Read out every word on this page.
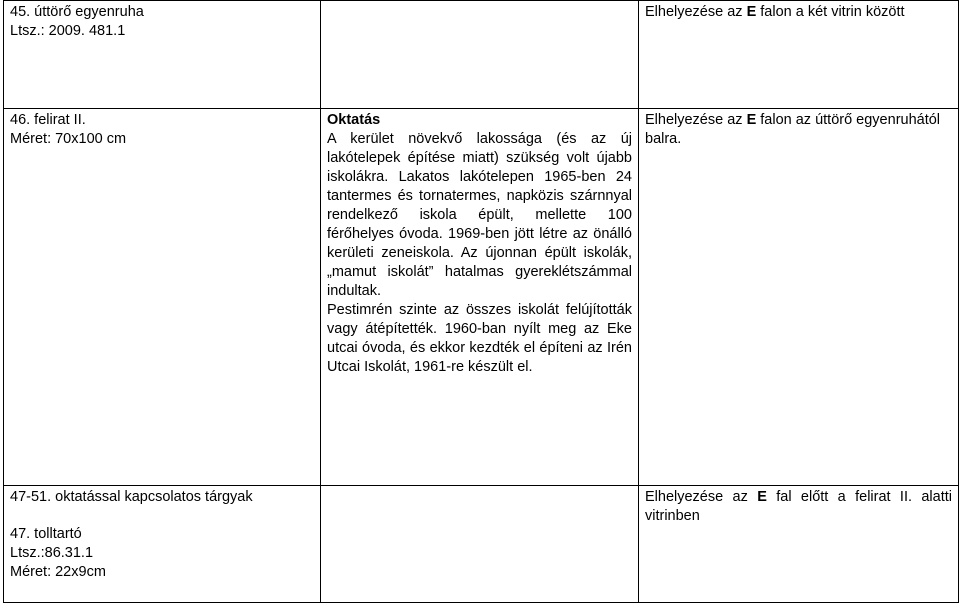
45. úttörő egyenruha
Ltsz.: 2009. 481.1		Elhelyezése az E falon a két vitrin között

46. felirat II.
Méret: 70x100 cm	Oktatás
A kerület növekvő lakossága (és az új lakótelepek építése miatt) szükség volt újabb iskolákra. Lakatos lakótelepen 1965-ben 24 tantermes és tornatermes, napközis szárnnyal rendelkező iskola épült, mellette 100 férőhelyes óvoda. 1969-ben jött létre az önálló kerületi zeneiskola. Az újonnan épült iskolák, „mamut iskolát” hatalmas gyereklétszámmal indultak.
Pestimrén szinte az összes iskolát felújították vagy átépítették. 1960-ban nyílt meg az Eke utcai óvoda, és ekkor kezdték el építeni az Irén Utcai Iskolát, 1961-re készült el.	Elhelyezése az E falon az úttörő egyenruhától balra.

47-51. oktatással kapcsolatos tárgyak
47. tolltartó
Ltsz.:86.31.1
Méret: 22x9cm		Elhelyezése az E fal előtt a felirat II. alatti vitrinben
